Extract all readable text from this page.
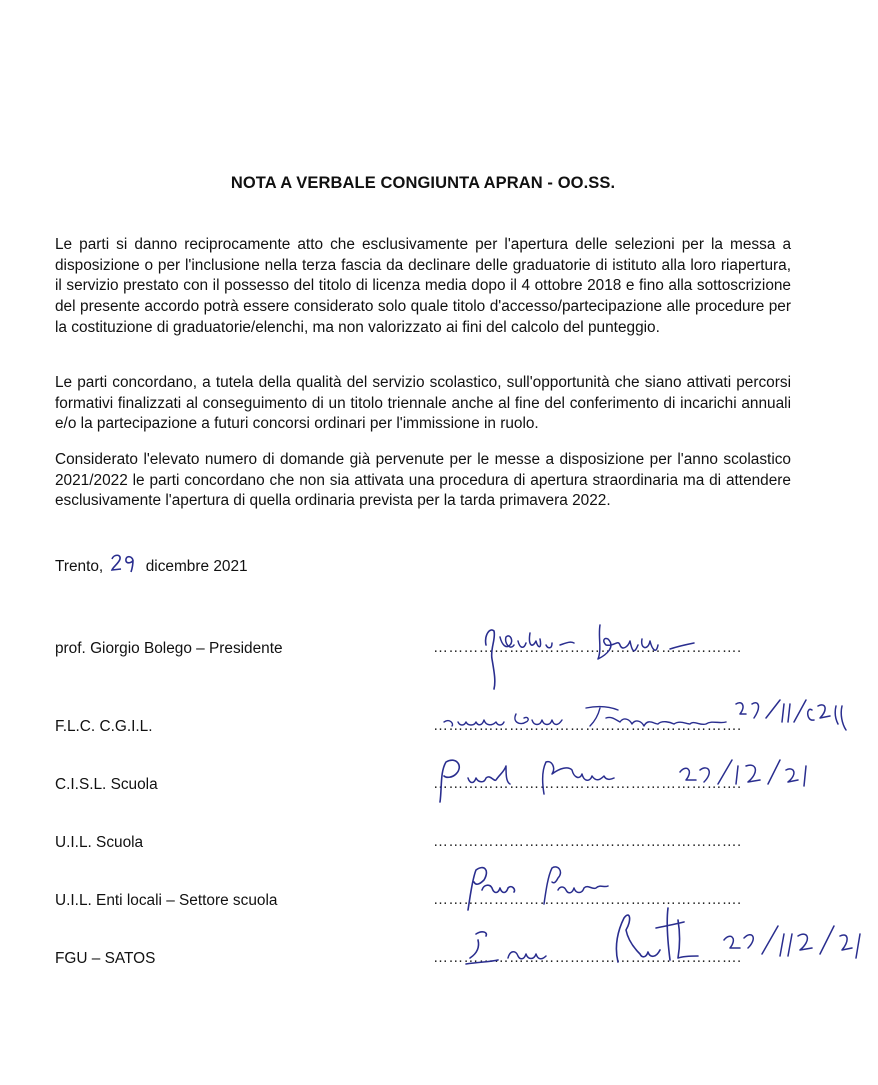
NOTA A VERBALE CONGIUNTA APRAN - OO.SS.

Le parti si danno reciprocamente atto che esclusivamente per l'apertura delle selezioni per la messa a disposizione o per l'inclusione nella terza fascia da declinare delle graduatorie di istituto alla loro riapertura, il servizio prestato con il possesso del titolo di licenza media dopo il 4 ottobre 2018 e fino alla sottoscrizione del presente accordo potrà essere considerato solo quale titolo d'accesso/partecipazione alle procedure per la costituzione di graduatorie/elenchi, ma non valorizzato ai fini del calcolo del punteggio.

Le parti concordano, a tutela della qualità del servizio scolastico, sull'opportunità che siano attivati percorsi formativi finalizzati al conseguimento di un titolo triennale anche al fine del conferimento di incarichi annuali e/o la partecipazione a futuri concorsi ordinari per l'immissione in ruolo.

Considerato l'elevato numero di domande già pervenute per le messe a disposizione per l'anno scolastico 2021/2022 le parti concordano che non sia attivata una procedura di apertura straordinaria ma di attendere esclusivamente l'apertura di quella ordinaria prevista per la tarda primavera 2022.

Trento,	dicembre 2021
prof. Giorgio Bolego – Presidente	…………………………………………………….
F.L.C. C.G.I.L.	…………………………………………………….
C.I.S.L. Scuola	…………………………………………………….
U.I.L. Scuola	…………………………………………………….
U.I.L. Enti locali – Settore scuola	…………………………………………………….
FGU – SATOS	…………………………………………………….
